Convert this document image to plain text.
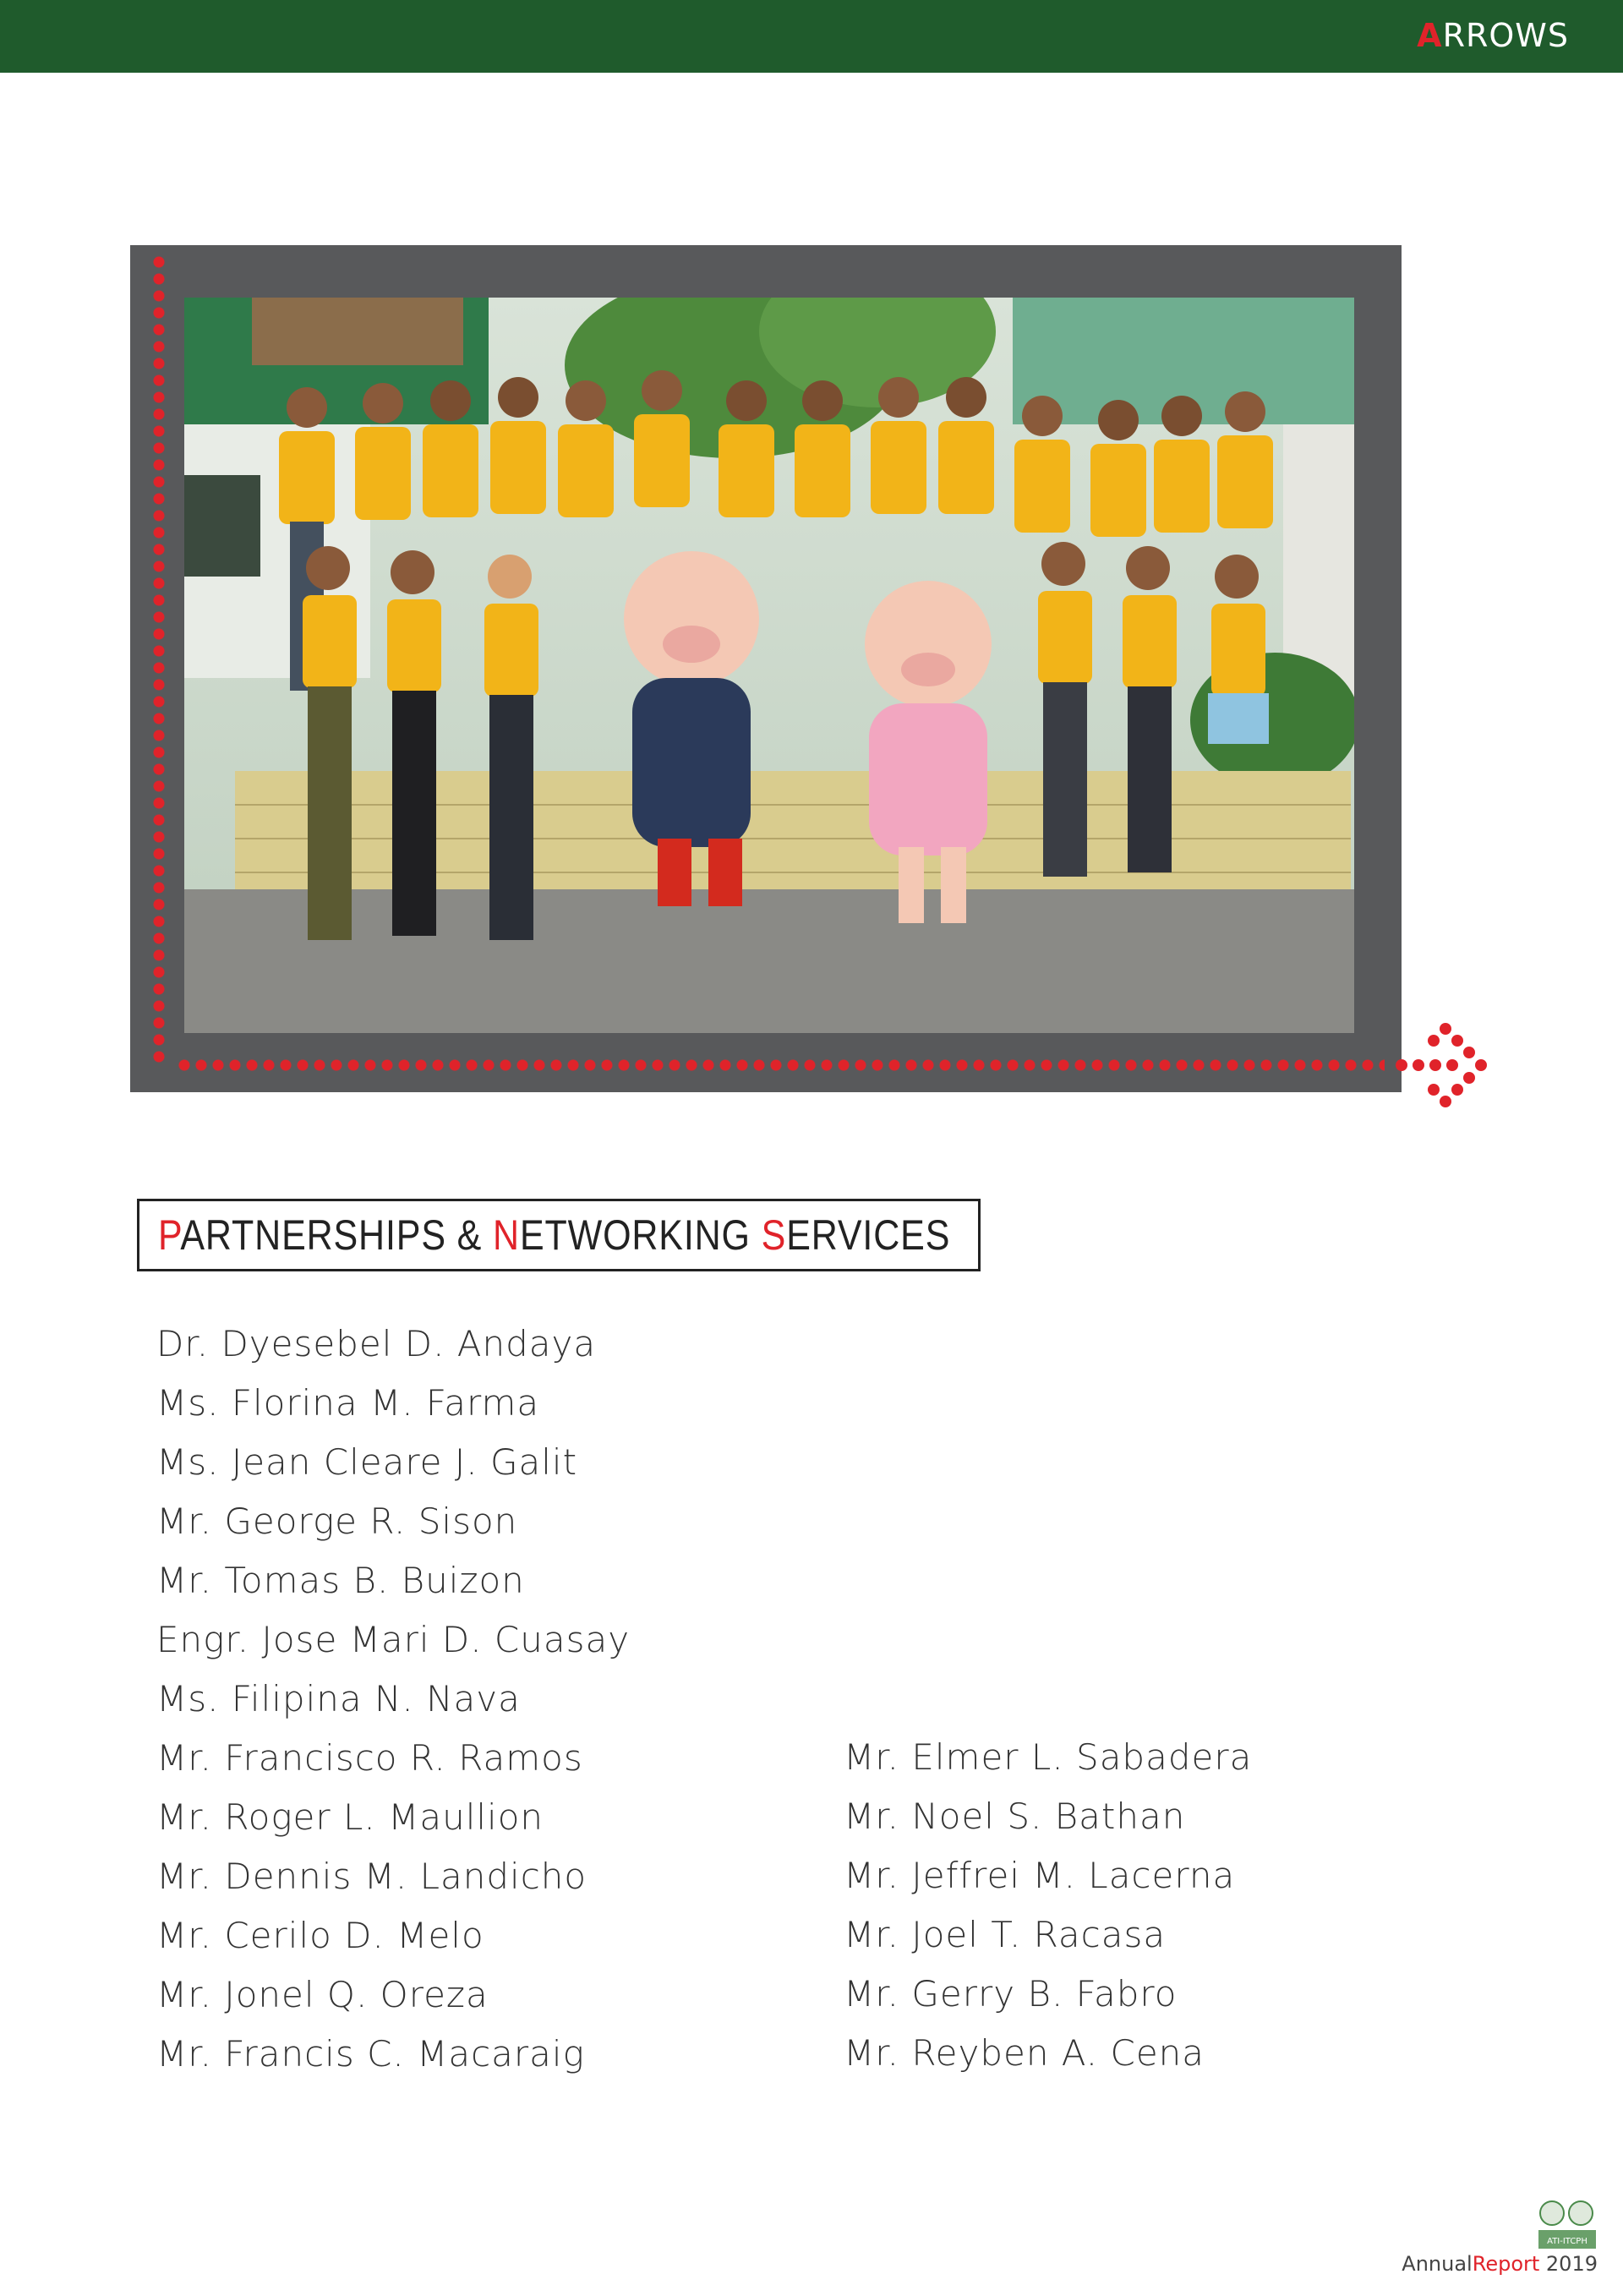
A RROWS
PARTNERSHIPS & NETWORKING SERVICES
Dr. Dyesebel D. Andaya
Ms. Florina M. Farma
Ms. Jean Cleare J. Galit
Mr. George R. Sison
Mr. Tomas B. Buizon
Engr. Jose Mari D. Cuasay
Ms. Filipina N. Nava
Mr. Francisco R. Ramos
Mr. Roger L. Maullion
Mr. Dennis M. Landicho
Mr. Cerilo D. Melo
Mr. Jonel Q. Oreza
Mr. Francis C. Macaraig
Mr. Elmer L. Sabadera
Mr. Noel S. Bathan
Mr. Jeffrei M. Lacerna
Mr. Joel T. Racasa
Mr. Gerry B. Fabro
Mr. Reyben A. Cena
ATI-ITCPH
AnnualReport 2019
